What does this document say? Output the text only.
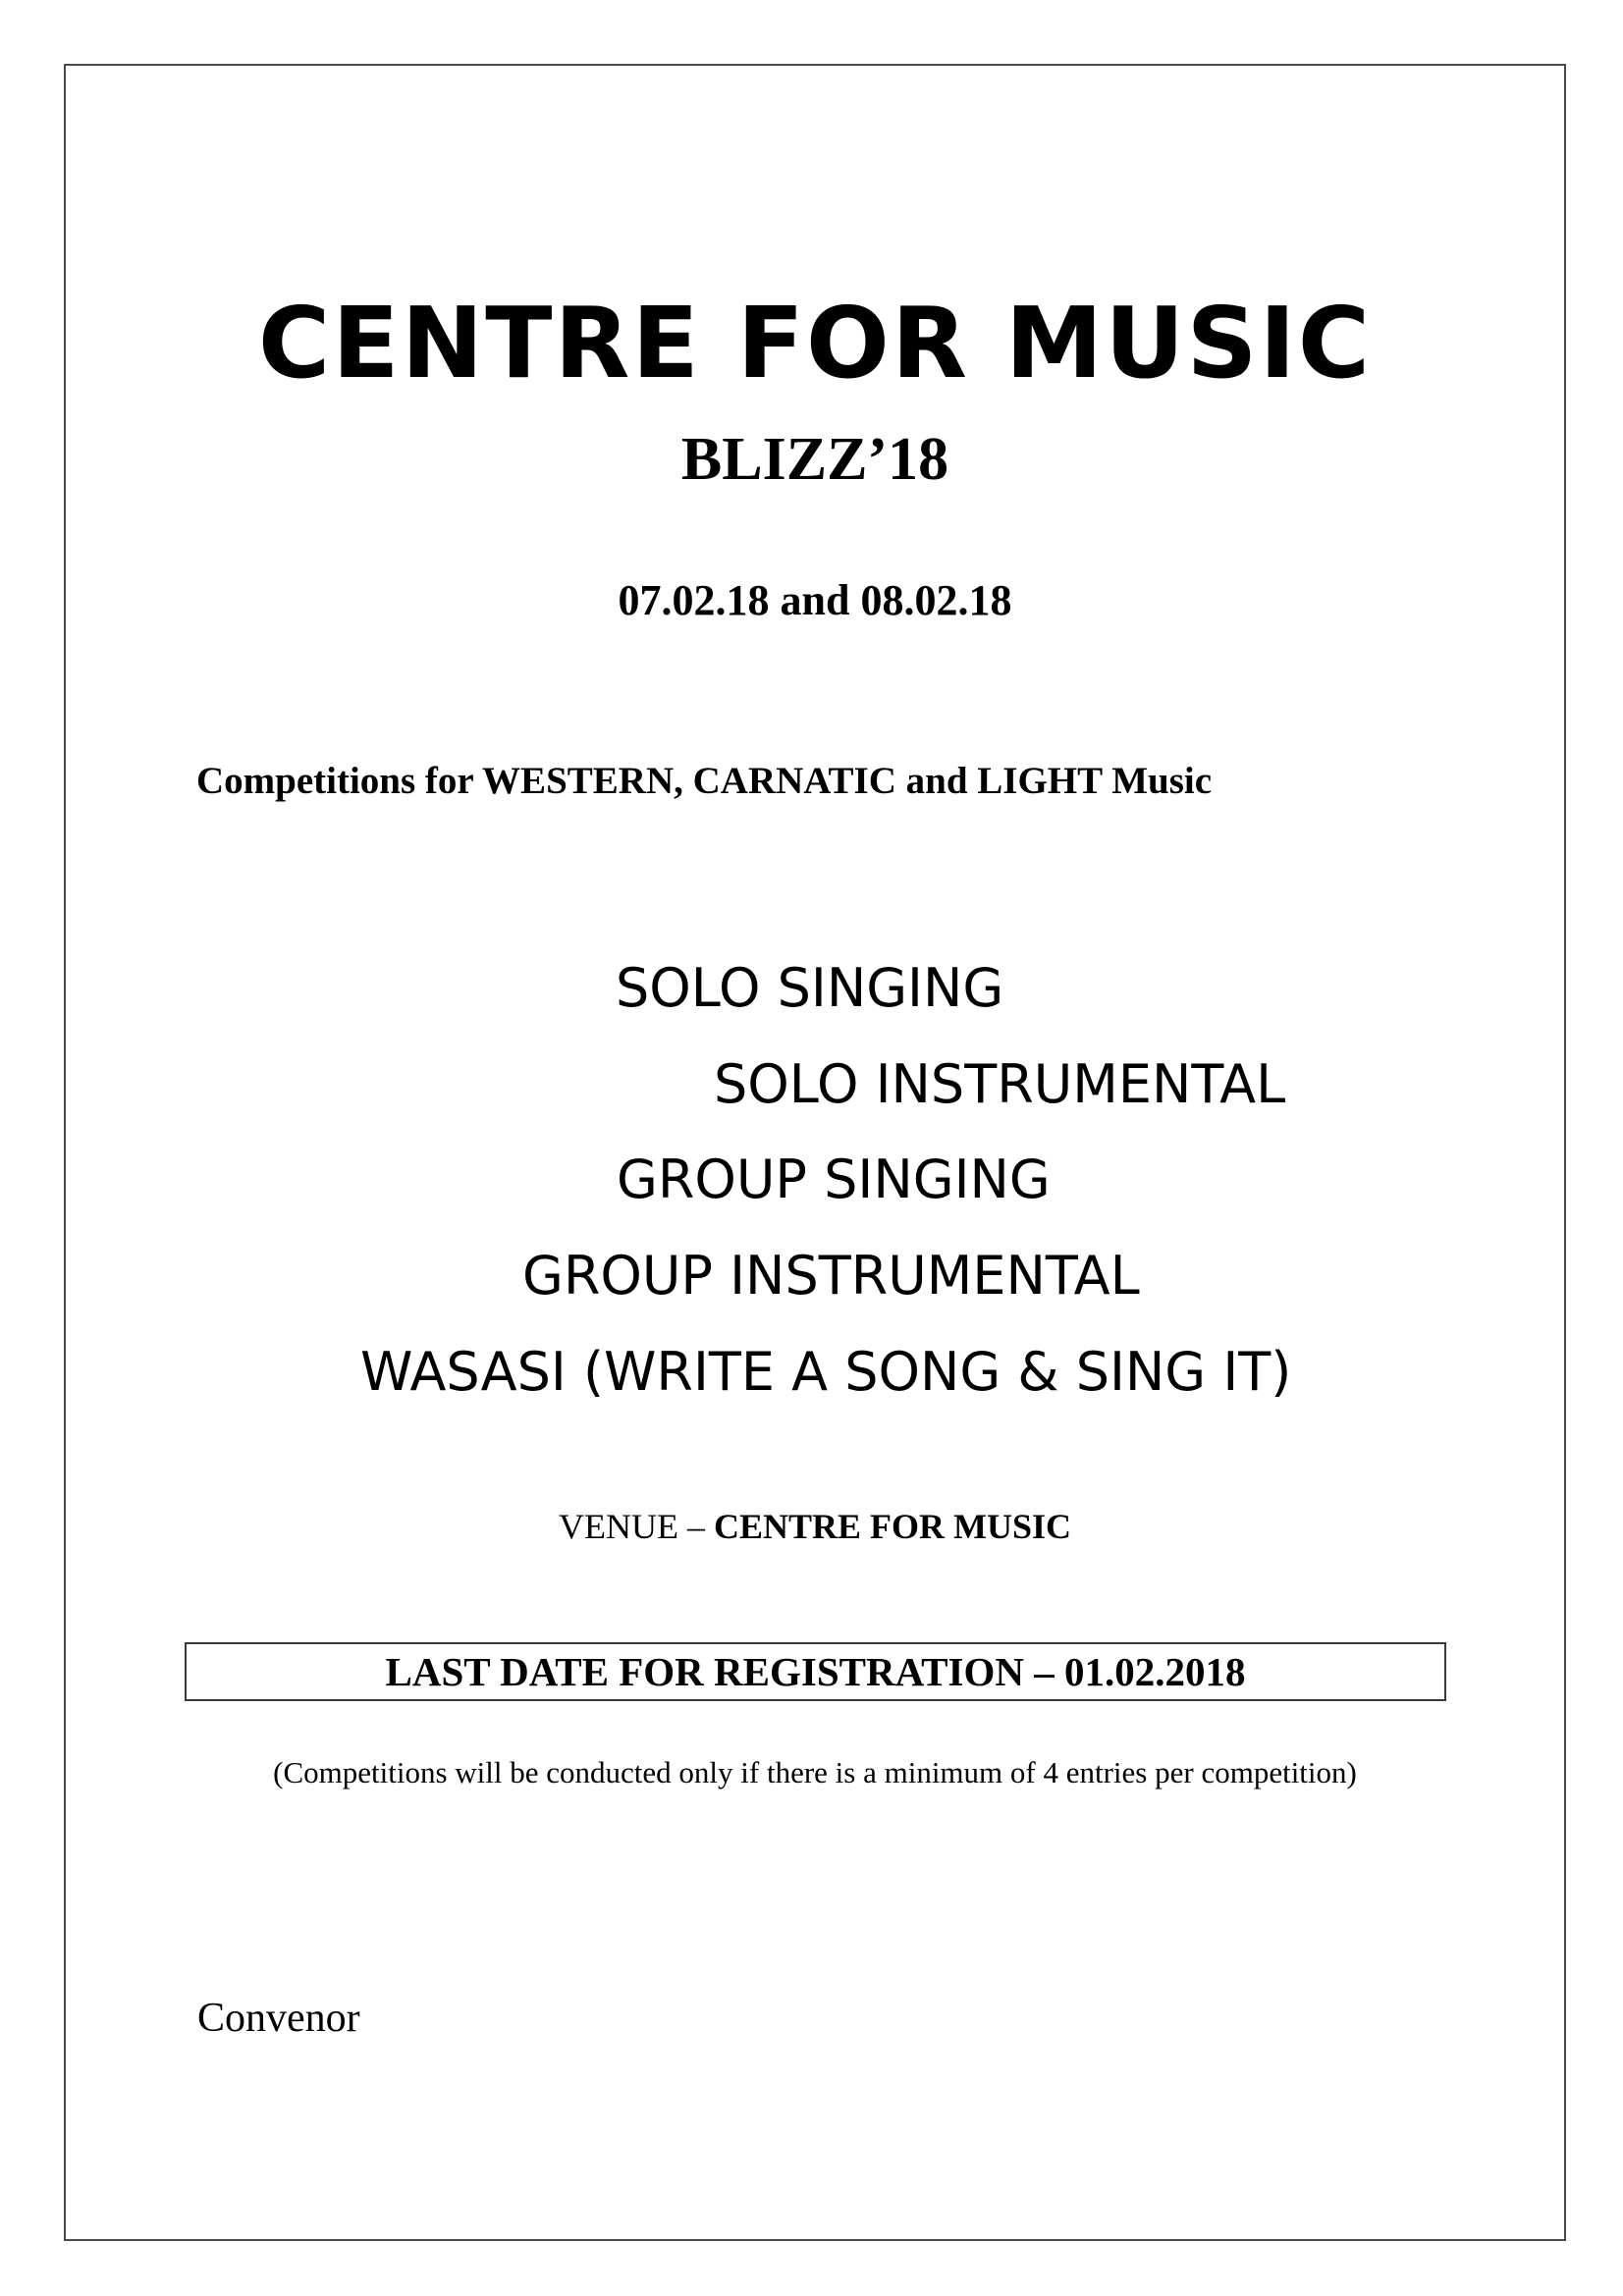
CENTRE FOR MUSIC
BLIZZ’18
07.02.18 and 08.02.18
Competitions for WESTERN, CARNATIC and LIGHT Music
SOLO SINGING
SOLO INSTRUMENTAL
GROUP SINGING
GROUP INSTRUMENTAL
WASASI (WRITE A SONG & SING IT)
VENUE – CENTRE FOR MUSIC
LAST DATE FOR REGISTRATION – 01.02.2018
(Competitions will be conducted only if there is a minimum of 4 entries per competition)
Convenor
